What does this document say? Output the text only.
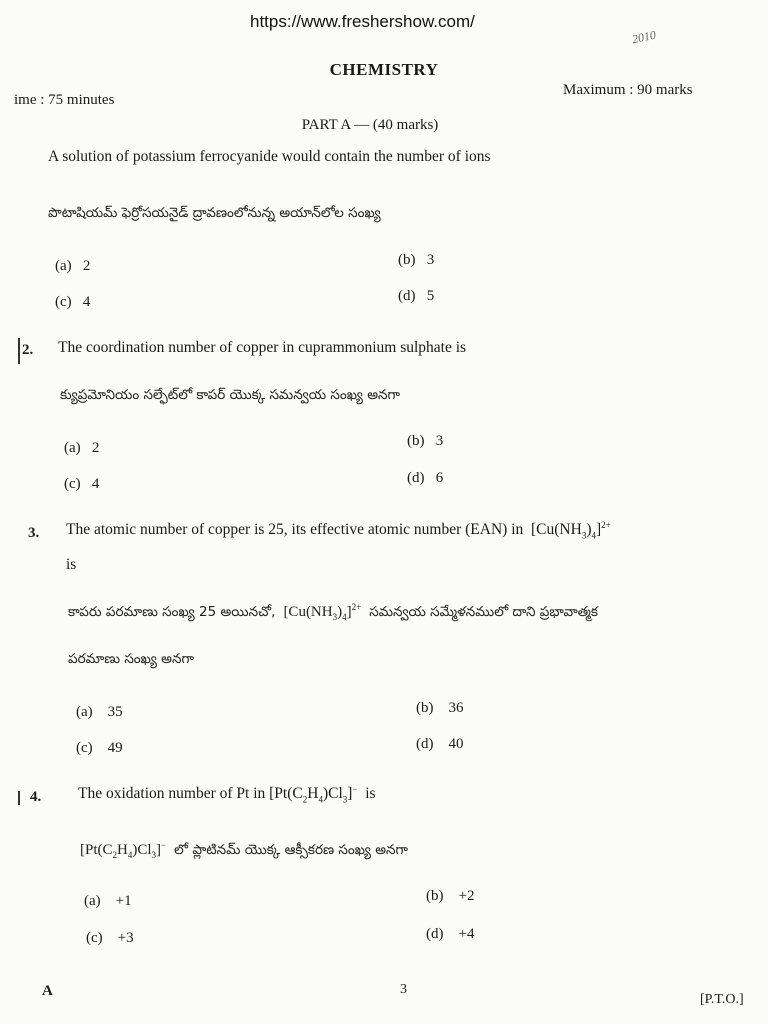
https://www.freshershow.com/
2010
CHEMISTRY
ime : 75 minutes
Maximum : 90 marks
PART A — (40 marks)
A solution of potassium ferrocyanide would contain the number of ions
పొటాషియమ్ ఫెర్రోసయనైడ్ ద్రావణంలోనున్న అయాన్‌లోల సంఖ్య
(a) 2	(b) 3
(c) 4	(d) 5
2. The coordination number of copper in cuprammonium sulphate is
క్యుప్రమోనియం సల్ఫేట్‌లో కాపర్ యొక్క సమన్వయ సంఖ్య అనగా
(a) 2	(b) 3
(c) 4	(d) 6
3. The atomic number of copper is 25, its effective atomic number (EAN) in $[Cu(NH_3)_4]^{2+}$
is
కాపరు పరమాణు సంఖ్య 25 అయినచో, $[Cu(NH_3)_4]^{2+}$ సమన్వయ సమ్మేళనములో దాని ప్రభావాత్మక
పరమాణు సంఖ్య అనగా
(a) 35	(b) 36
(c) 49	(d) 40
4. The oxidation number of Pt in $[Pt(C_2H_4)Cl_3]^-$ is
$[Pt(C_2H_4)Cl_3]^-$ లో ప్లాటినమ్ యొక్క ఆక్సీకరణ సంఖ్య అనగా
(a) +1	(b) +2
(c) +3	(d) +4
A	3
[P.T.O.]
